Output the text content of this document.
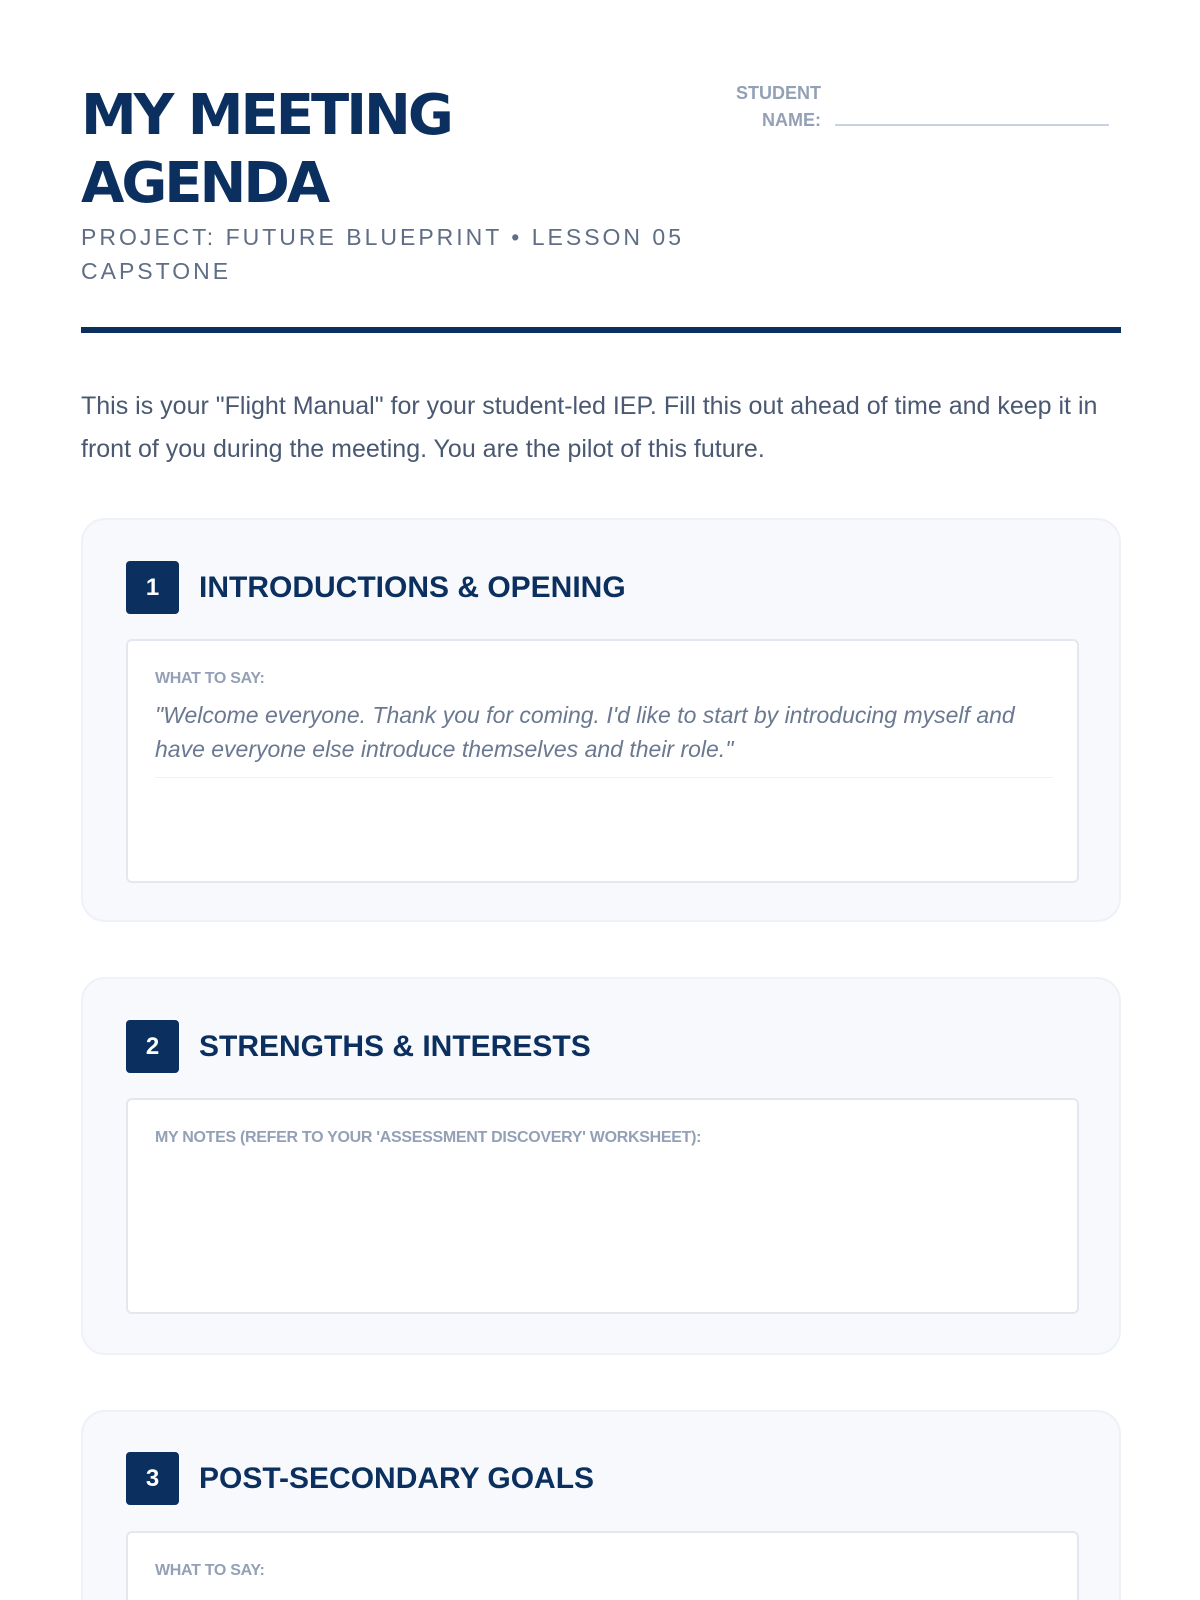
MY MEETING AGENDA
PROJECT: FUTURE BLUEPRINT • LESSON 05 CAPSTONE
STUDENT NAME:

This is your "Flight Manual" for your student-led IEP. Fill this out ahead of time and keep it in front of you during the meeting. You are the pilot of this future.

1	INTRODUCTIONS & OPENING
WHAT TO SAY:
"Welcome everyone. Thank you for coming. I'd like to start by introducing myself and have everyone else introduce themselves and their role."
2	STRENGTHS & INTERESTS
MY NOTES (REFER TO YOUR 'ASSESSMENT DISCOVERY' WORKSHEET):
3	POST-SECONDARY GOALS
WHAT TO SAY:
